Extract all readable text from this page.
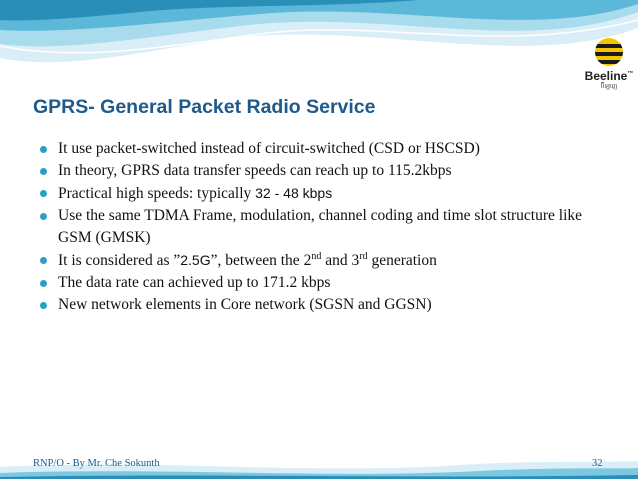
Beeline™
ប៊ីឡាញ
GPRS- General Packet Radio Service
It use packet-switched instead of circuit-switched (CSD or HSCSD)
In theory, GPRS data transfer speeds can reach up to 115.2kbps
Practical high speeds: typically 32 - 48 kbps
Use the same TDMA Frame, modulation, channel coding and time slot structure like GSM (GMSK)
It is considered as ”2.5G”, between the 2nd and 3rd generation
The data rate can achieved up to 171.2 kbps
New network elements in Core network (SGSN and GGSN)
RNP/O - By Mr. Che Sokunth	32
